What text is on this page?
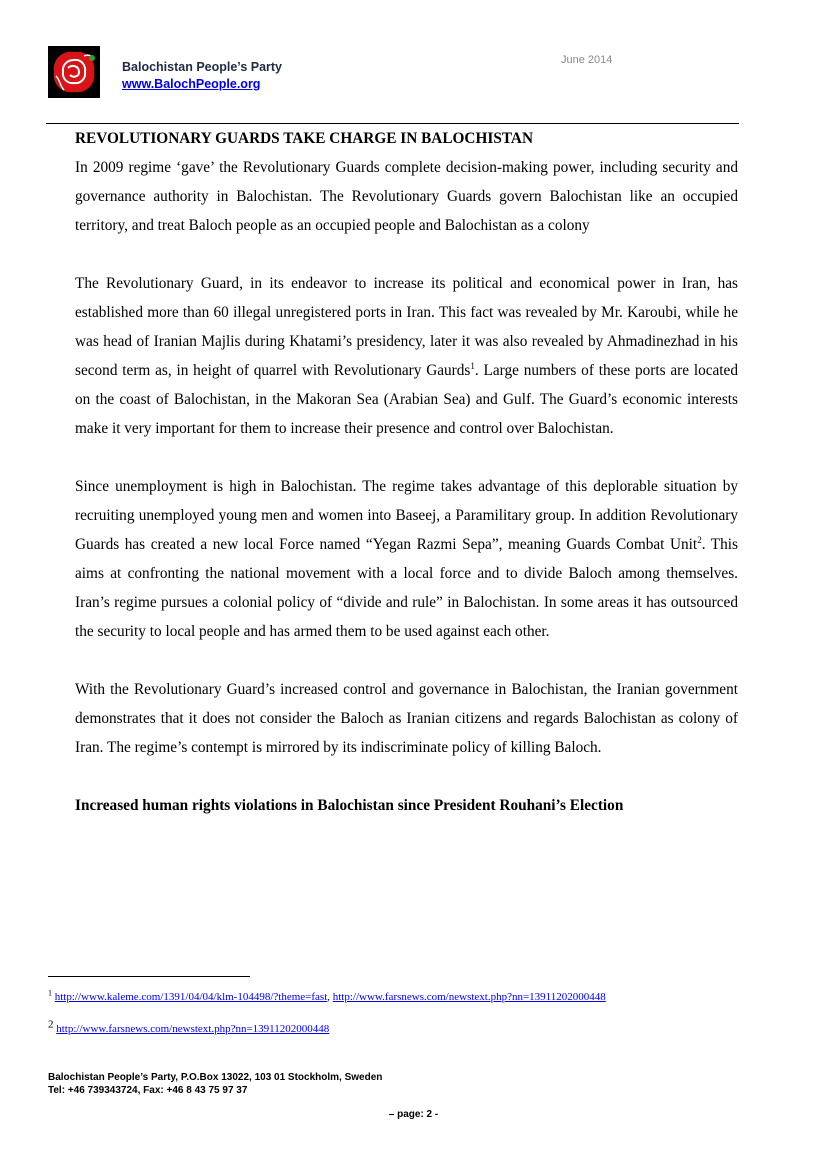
Balochistan People’s Party
www.BalochPeople.org
June 2014

REVOLUTIONARY GUARDS TAKE CHARGE IN BALOCHISTAN

In 2009 regime ‘gave’ the Revolutionary Guards complete decision-making power, including security and governance authority in Balochistan. The Revolutionary Guards govern Balochistan like an occupied territory, and treat Baloch people as an occupied people and Balochistan as a colony

The Revolutionary Guard, in its endeavor to increase its political and economical power in Iran, has established more than 60 illegal unregistered ports in Iran. This fact was revealed by Mr. Karoubi, while he was head of Iranian Majlis during Khatami’s presidency, later it was also revealed by Ahmadinezhad in his second term as, in height of quarrel with Revolutionary Gaurds$^1$. Large numbers of these ports are located on the coast of Balochistan, in the Makoran Sea (Arabian Sea) and Gulf. The Guard’s economic interests make it very important for them to increase their presence and control over Balochistan.

Since unemployment is high in Balochistan. The regime takes advantage of this deplorable situation by recruiting unemployed young men and women into Baseej, a Paramilitary group. In addition Revolutionary Guards has created a new local Force named “Yegan Razmi Sepa”, meaning Guards Combat Unit$^2$. This aims at confronting the national movement with a local force and to divide Baloch among themselves. Iran’s regime pursues a colonial policy of “divide and rule” in Balochistan. In some areas it has outsourced the security to local people and has armed them to be used against each other.

With the Revolutionary Guard’s increased control and governance in Balochistan, the Iranian government demonstrates that it does not consider the Baloch as Iranian citizens and regards Balochistan as colony of Iran. The regime’s contempt is mirrored by its indiscriminate policy of killing Baloch.

Increased human rights violations in Balochistan since President Rouhani’s Election

$^1$ http://www.kaleme.com/1391/04/04/klm-104498/?theme=fast, http://www.farsnews.com/newstext.php?nn=13911202000448
$^2$ http://www.farsnews.com/newstext.php?nn=13911202000448
Balochistan People’s Party, P.O.Box 13022, 103 01 Stockholm, Sweden
Tel: +46 739343724, Fax: +46 8 43 75 97 37
– page: 2 -
